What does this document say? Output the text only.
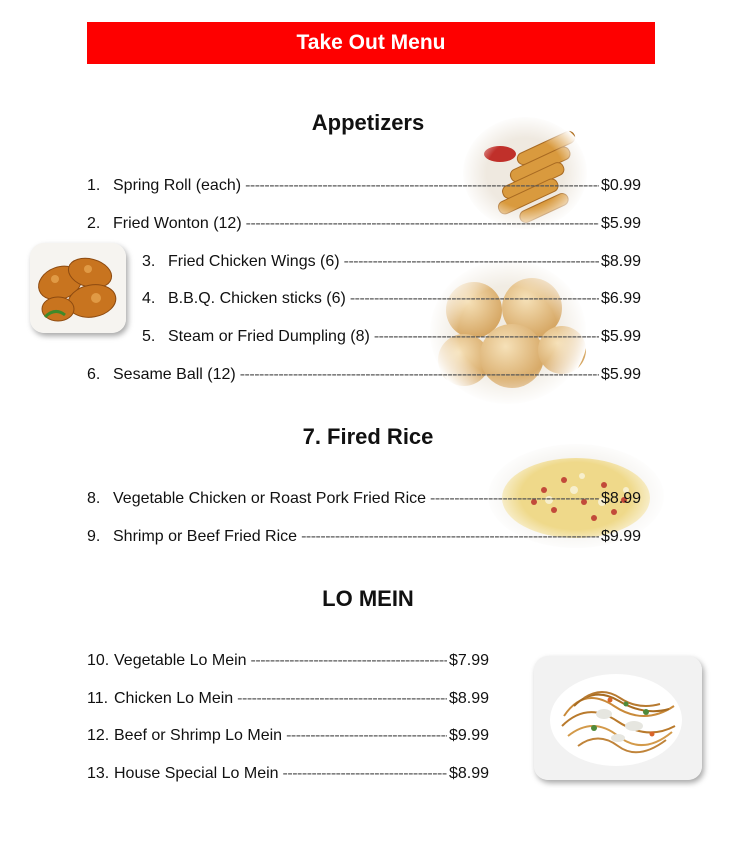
Take Out Menu
Appetizers
1. Spring Roll (each) -----	$0.99
2. Fried Wonton (12) -----	$5.99
3. Fried Chicken Wings (6) -----	$8.99
4. B.B.Q. Chicken sticks (6) -----	$6.99
5. Steam or Fried Dumpling (8) -----	$5.99
6. Sesame Ball (12) -----	$5.99
7. Fired Rice
8. Vegetable Chicken or Roast Pork Fried Rice -----	$8.99
9. Shrimp or Beef Fried Rice -----	$9.99
LO MEIN
10. Vegetable Lo Mein -----	$7.99
11. Chicken Lo Mein -----	$8.99
12. Beef or Shrimp Lo Mein -----	$9.99
13. House Special Lo Mein -----	$8.99
